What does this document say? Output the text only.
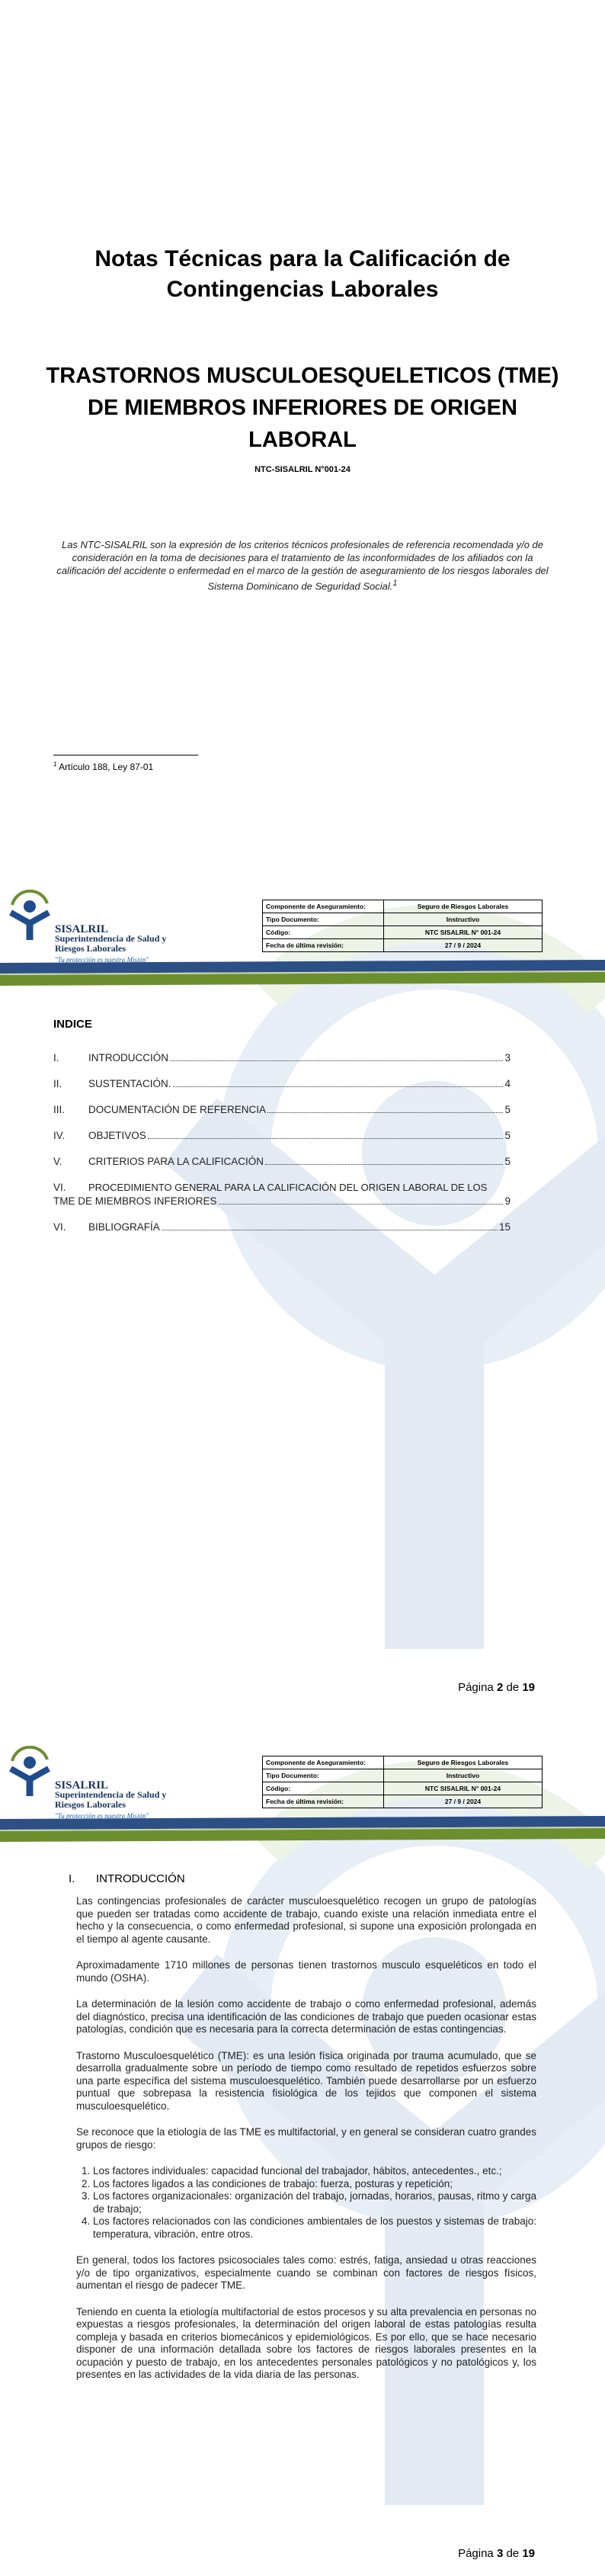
Notas Técnicas para la Calificación de Contingencias Laborales
TRASTORNOS MUSCULOESQUELETICOS (TME) DE MIEMBROS INFERIORES DE ORIGEN LABORAL
NTC-SISALRIL N°001-24
Las NTC-SISALRIL son la expresión de los criterios técnicos profesionales de referencia recomendada y/o de consideración en la toma de decisiones para el tratamiento de las inconformidades de los afiliados con la calificación del accidente o enfermedad en el marco de la gestión de aseguramiento de los riesgos laborales del Sistema Dominicano de Seguridad Social.$^1$
$^1$ Artículo 188, Ley 87-01
SISALRIL
Superintendencia de Salud y Riesgos Laborales
"Tu protección es nuestra Misión"
Componente de Aseguramiento:	Seguro de Riesgos Laborales
Tipo Documento:	Instructivo
Código:	NTC SISALRIL N° 001-24
Fecha de última revisión:	27 / 9 / 2024
INDICE
I.	INTRODUCCIÓN	3
II.	SUSTENTACIÓN.	4
III.	DOCUMENTACIÓN DE REFERENCIA	5
IV.	OBJETIVOS	5
V.	CRITERIOS PARA LA CALIFICACIÓN	5
VI.	PROCEDIMIENTO GENERAL PARA LA CALIFICACIÓN DEL ORIGEN LABORAL DE LOS
TME DE MIEMBROS INFERIORES	9
VI.	BIBLIOGRAFÍA	15
Página 2 de 19
SISALRIL
Superintendencia de Salud y Riesgos Laborales
"Tu protección es nuestra Misión"
Componente de Aseguramiento:	Seguro de Riesgos Laborales
Tipo Documento:	Instructivo
Código:	NTC SISALRIL N° 001-24
Fecha de última revisión:	27 / 9 / 2024
I.	INTRODUCCIÓN

Las contingencias profesionales de carácter musculoesquelético recogen un grupo de patologías que pueden ser tratadas como accidente de trabajo, cuando existe una relación inmediata entre el hecho y la consecuencia, o como enfermedad profesional, si supone una exposición prolongada en el tiempo al agente causante.

Aproximadamente 1710 millones de personas tienen trastornos musculo esqueléticos en todo el mundo (OSHA).

La determinación de la lesión como accidente de trabajo o como enfermedad profesional, además del diagnóstico, precisa una identificación de las condiciones de trabajo que pueden ocasionar estas patologías, condición que es necesaria para la correcta determinación de estas contingencias.

Trastorno Musculoesquelético (TME): es una lesión física originada por trauma acumulado, que se desarrolla gradualmente sobre un período de tiempo como resultado de repetidos esfuerzos sobre una parte específica del sistema musculoesquelético. También puede desarrollarse por un esfuerzo puntual que sobrepasa la resistencia fisiológica de los tejidos que componen el sistema musculoesquelético.

Se reconoce que la etiología de las TME es multifactorial, y en general se consideran cuatro grandes grupos de riesgo:

1. Los factores individuales: capacidad funcional del trabajador, hábitos, antecedentes., etc.;
2. Los factores ligados a las condiciones de trabajo: fuerza, posturas y repetición;
3. Los factores organizacionales: organización del trabajo, jornadas, horarios, pausas, ritmo y carga de trabajo;
4. Los factores relacionados con las condiciones ambientales de los puestos y sistemas de trabajo: temperatura, vibración, entre otros.

En general, todos los factores psicosociales tales como: estrés, fatiga, ansiedad u otras reacciones y/o de tipo organizativos, especialmente cuando se combinan con factores de riesgos físicos, aumentan el riesgo de padecer TME.

Teniendo en cuenta la etiología multifactorial de estos procesos y su alta prevalencia en personas no expuestas a riesgos profesionales, la determinación del origen laboral de estas patologías resulta compleja y basada en criterios biomecánicos y epidemiológicos. Es por ello, que se hace necesario disponer de una información detallada sobre los factores de riesgos laborales presentes en la ocupación y puesto de trabajo, en los antecedentes personales patológicos y no patológicos y, los presentes en las actividades de la vida diaria de las personas.

Página 3 de 19
